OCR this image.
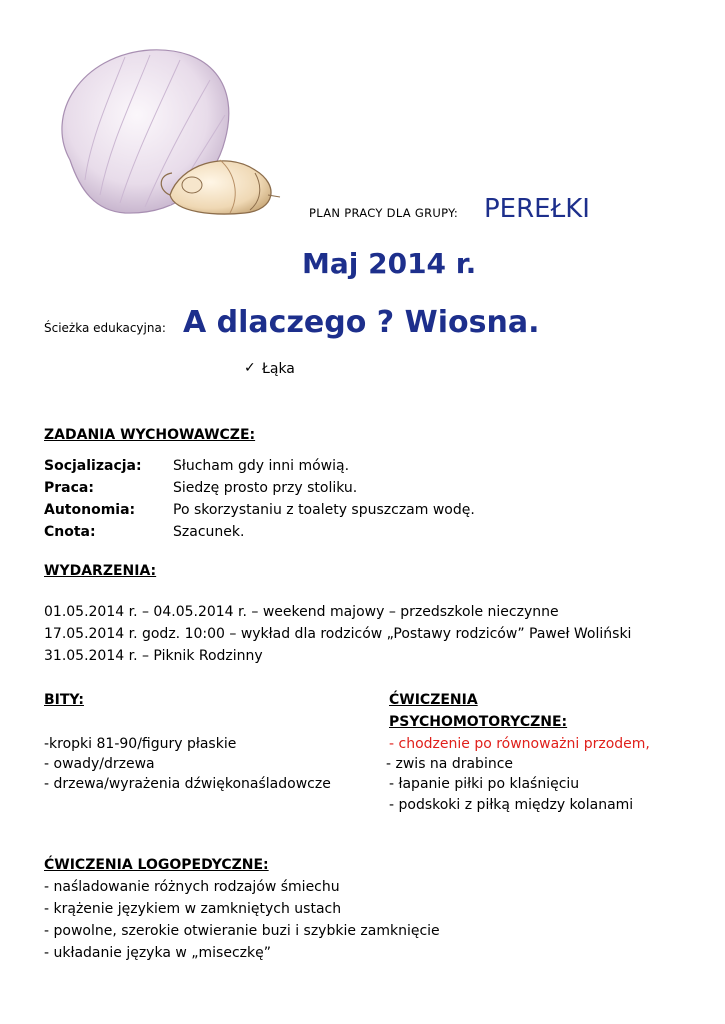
PLAN PRACY DLA GRUPY: PEREŁKI
Maj 2014 r.
Ścieżka edukacyjna: A dlaczego ? Wiosna.
✓ Łąka
ZADANIA WYCHOWAWCZE:
Socjalizacja: Słucham gdy inni mówią.
Praca:	Siedzę prosto przy stoliku.
Autonomia:	Po skorzystaniu z toalety spuszczam wodę.
Cnota:	Szacunek.
WYDARZENIA:
01.05.2014 r. – 04.05.2014 r. – weekend majowy – przedszkole nieczynne
17.05.2014 r. godz. 10:00 – wykład dla rodziców „Postawy rodziców” Paweł Woliński
31.05.2014 r. – Piknik Rodzinny
BITY:
-kropki 81-90/figury płaskie
- owady/drzewa
- drzewa/wyrażenia dźwiękonaśladowcze
ĆWICZENIA
PSYCHOMOTORYCZNE:
- chodzenie po równoważni przodem,
- zwis na drabince
- łapanie piłki po klaśnięciu
- podskoki z piłką między kolanami
ĆWICZENIA LOGOPEDYCZNE:
- naśladowanie różnych rodzajów śmiechu
- krążenie językiem w zamkniętych ustach
- powolne, szerokie otwieranie buzi i szybkie zamknięcie
- układanie języka w „miseczkę”
